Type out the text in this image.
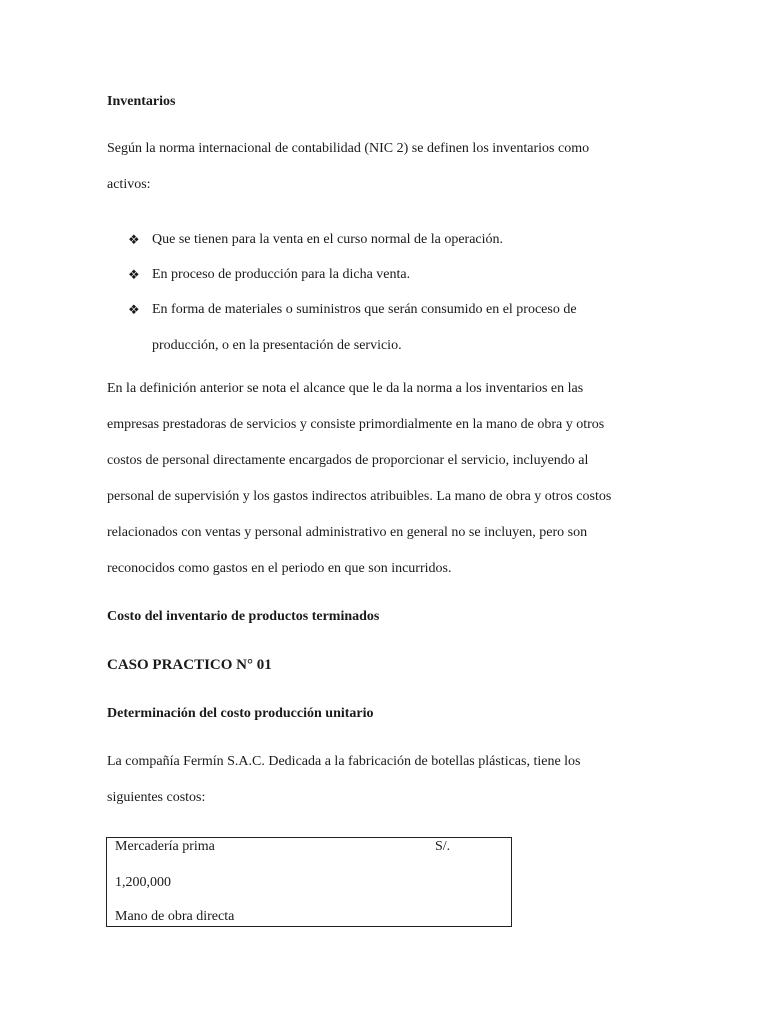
Inventarios
Según la norma internacional de contabilidad (NIC 2) se definen los inventarios como
activos:
❖ Que se tienen para la venta en el curso normal de la operación.
❖ En proceso de producción para la dicha venta.
❖ En forma de materiales o suministros que serán consumido en el proceso de
producción, o en la presentación de servicio.
En la definición anterior se nota el alcance que le da la norma a los inventarios en las
empresas prestadoras de servicios y consiste primordialmente en la mano de obra y otros
costos de personal directamente encargados de proporcionar el servicio, incluyendo al
personal de supervisión y los gastos indirectos atribuibles. La mano de obra y otros costos
relacionados con ventas y personal administrativo en general no se incluyen, pero son
reconocidos como gastos en el periodo en que son incurridos.
Costo del inventario de productos terminados
CASO PRACTICO N° 01
Determinación del costo producción unitario
La compañía Fermín S.A.C. Dedicada a la fabricación de botellas plásticas, tiene los
siguientes costos:
Mercadería prima	S/.
1,200,000
Mano de obra directa
